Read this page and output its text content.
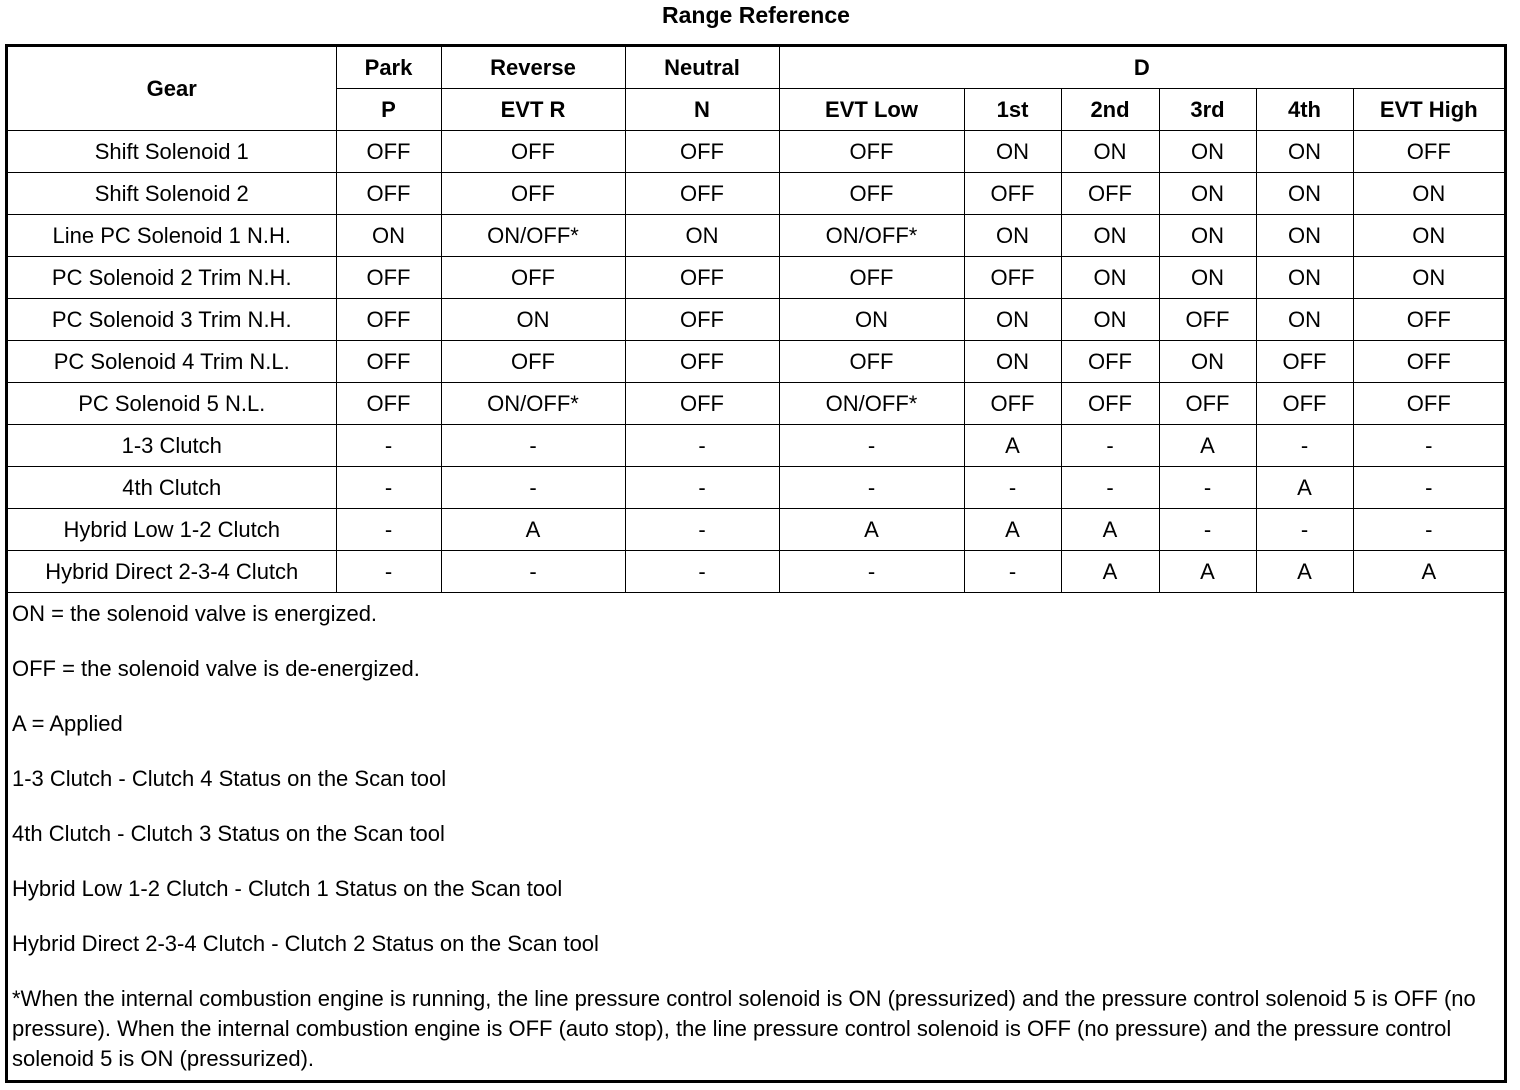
Range Reference
Gear	Park	Reverse	Neutral	D					
	P	EVT R	N	EVT Low	1st	2nd	3rd	4th	EVT High
Shift Solenoid 1	OFF	OFF	OFF	OFF	ON	ON	ON	ON	OFF
Shift Solenoid 2	OFF	OFF	OFF	OFF	OFF	OFF	ON	ON	ON
Line PC Solenoid 1 N.H.	ON	ON/OFF*	ON	ON/OFF*	ON	ON	ON	ON	ON
PC Solenoid 2 Trim N.H.	OFF	OFF	OFF	OFF	OFF	ON	ON	ON	ON
PC Solenoid 3 Trim N.H.	OFF	ON	OFF	ON	ON	ON	OFF	ON	OFF
PC Solenoid 4 Trim N.L.	OFF	OFF	OFF	OFF	ON	OFF	ON	OFF	OFF
PC Solenoid 5 N.L.	OFF	ON/OFF*	OFF	ON/OFF*	OFF	OFF	OFF	OFF	OFF
1-3 Clutch	-	-	-	-	A	-	A	-	-
4th Clutch	-	-	-	-	-	-	-	A	-
Hybrid Low 1-2 Clutch	-	A	-	A	A	A	-	-	-
Hybrid Direct 2-3-4 Clutch	-	-	-	-	-	A	A	A	A
ON = the solenoid valve is energized.
OFF = the solenoid valve is de-energized.
A = Applied
1-3 Clutch - Clutch 4 Status on the Scan tool
4th Clutch - Clutch 3 Status on the Scan tool
Hybrid Low 1-2 Clutch - Clutch 1 Status on the Scan tool
Hybrid Direct 2-3-4 Clutch - Clutch 2 Status on the Scan tool

*When the internal combustion engine is running, the line pressure control solenoid is ON (pressurized) and the pressure control solenoid 5 is OFF (no pressure). When the internal combustion engine is OFF (auto stop), the line pressure control solenoid is OFF (no pressure) and the pressure control solenoid 5 is ON (pressurized).
